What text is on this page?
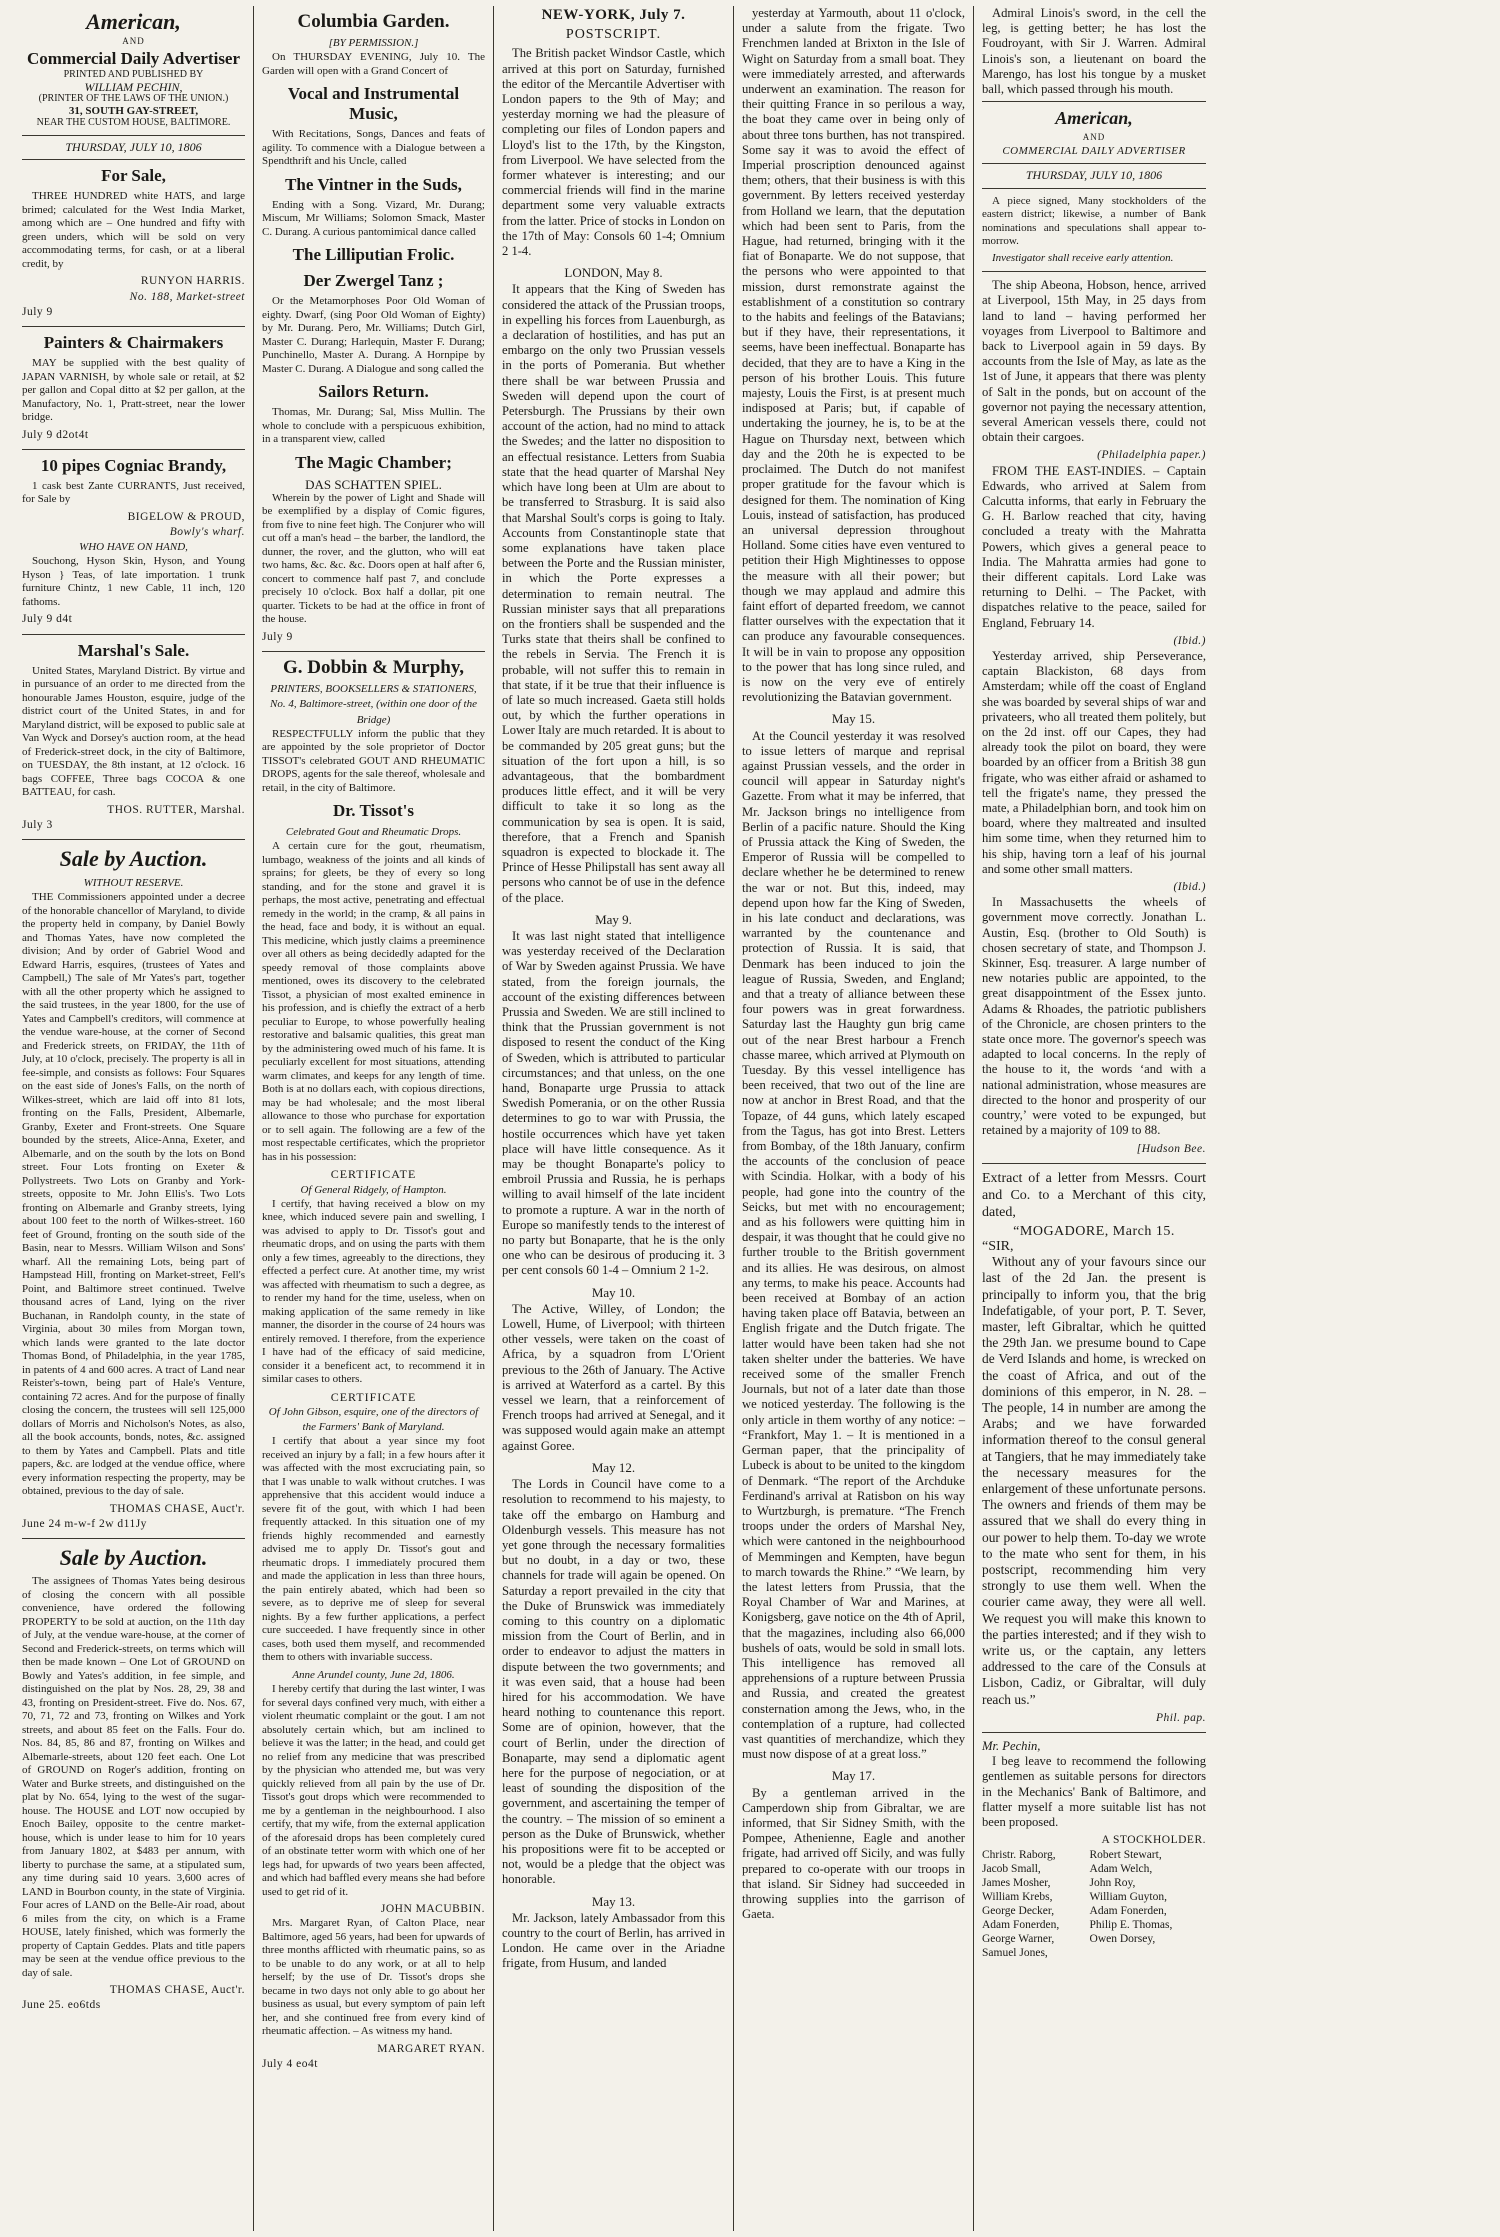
American,
AND
Commercial Daily Advertiser
PRINTED AND PUBLISHED BY
WILLIAM PECHIN,
(PRINTER OF THE LAWS OF THE UNION.)
31, SOUTH GAY-STREET,
NEAR THE CUSTOM HOUSE, BALTIMORE.
THURSDAY, JULY 10, 1806
For Sale,

THREE HUNDRED white HATS, and large brimed; calculated for the West India Market, among which are – One hundred and fifty with green unders, which will be sold on very accommodating terms, for cash, or at a liberal credit, by

RUNYON HARRIS.
No. 188, Market-street
July 9
Painters & Chairmakers

MAY be supplied with the best quality of JAPAN VARNISH, by whole sale or retail, at $2 per gallon and Copal ditto at $2 per gallon, at the Manufactory, No. 1, Pratt-street, near the lower bridge.

July 9 d2ot4t
10 pipes Cogniac Brandy,

1 cask best Zante CURRANTS, Just received, for Sale by

BIGELOW & PROUD,
Bowly's wharf.
WHO HAVE ON HAND,

Souchong, Hyson Skin, Hyson, and Young Hyson } Teas, of late importation. 1 trunk furniture Chintz, 1 new Cable, 11 inch, 120 fathoms.

July 9 d4t
Marshal's Sale.

United States, Maryland District. By virtue and in pursuance of an order to me directed from the honourable James Houston, esquire, judge of the district court of the United States, in and for Maryland district, will be exposed to public sale at Van Wyck and Dorsey's auction room, at the head of Frederick-street dock, in the city of Baltimore, on TUESDAY, the 8th instant, at 12 o'clock. 16 bags COFFEE, Three bags COCOA & one BATTEAU, for cash.

THOS. RUTTER, Marshal.
July 3
Sale by Auction.
WITHOUT RESERVE.

THE Commissioners appointed under a decree of the honorable chancellor of Maryland, to divide the property held in company, by Daniel Bowly and Thomas Yates, have now completed the division; And by order of Gabriel Wood and Edward Harris, esquires, (trustees of Yates and Campbell,) The sale of Mr Yates's part, together with all the other property which he assigned to the said trustees, in the year 1800, for the use of Yates and Campbell's creditors, will commence at the vendue ware-house, at the corner of Second and Frederick streets, on FRIDAY, the 11th of July, at 10 o'clock, precisely. The property is all in fee-simple, and consists as follows: Four Squares on the east side of Jones's Falls, on the north of Wilkes-street, which are laid off into 81 lots, fronting on the Falls, President, Albemarle, Granby, Exeter and Front-streets. One Square bounded by the streets, Alice-Anna, Exeter, and Albemarle, and on the south by the lots on Bond street. Four Lots fronting on Exeter & Pollystreets. Two Lots on Granby and York-streets, opposite to Mr. John Ellis's. Two Lots fronting on Albemarle and Granby streets, lying about 100 feet to the north of Wilkes-street. 160 feet of Ground, fronting on the south side of the Basin, near to Messrs. William Wilson and Sons' wharf. All the remaining Lots, being part of Hampstead Hill, fronting on Market-street, Fell's Point, and Baltimore street continued. Twelve thousand acres of Land, lying on the river Buchanan, in Randolph county, in the state of Virginia, about 30 miles from Morgan town, which lands were granted to the late doctor Thomas Bond, of Philadelphia, in the year 1785, in patents of 4 and 600 acres. A tract of Land near Reister's-town, being part of Hale's Venture, containing 72 acres. And for the purpose of finally closing the concern, the trustees will sell 125,000 dollars of Morris and Nicholson's Notes, as also, all the book accounts, bonds, notes, &c. assigned to them by Yates and Campbell. Plats and title papers, &c. are lodged at the vendue office, where every information respecting the property, may be obtained, previous to the day of sale.

THOMAS CHASE, Auct'r.
June 24 m-w-f 2w d11Jy
Sale by Auction.

The assignees of Thomas Yates being desirous of closing the concern with all possible convenience, have ordered the following PROPERTY to be sold at auction, on the 11th day of July, at the vendue ware-house, at the corner of Second and Frederick-streets, on terms which will then be made known – One Lot of GROUND on Bowly and Yates's addition, in fee simple, and distinguished on the plat by Nos. 28, 29, 38 and 43, fronting on President-street. Five do. Nos. 67, 70, 71, 72 and 73, fronting on Wilkes and York streets, and about 85 feet on the Falls. Four do. Nos. 84, 85, 86 and 87, fronting on Wilkes and Albemarle-streets, about 120 feet each. One Lot of GROUND on Roger's addition, fronting on Water and Burke streets, and distinguished on the plat by No. 654, lying to the west of the sugar-house. The HOUSE and LOT now occupied by Enoch Bailey, opposite to the centre market-house, which is under lease to him for 10 years from January 1802, at $483 per annum, with liberty to purchase the same, at a stipulated sum, any time during said 10 years. 3,600 acres of LAND in Bourbon county, in the state of Virginia. Four acres of LAND on the Belle-Air road, about 6 miles from the city, on which is a Frame HOUSE, lately finished, which was formerly the property of Captain Geddes. Plats and title papers may be seen at the vendue office previous to the day of sale.

THOMAS CHASE, Auct'r.
June 25. eo6tds
Columbia Garden.
[BY PERMISSION.]

On THURSDAY EVENING, July 10. The Garden will open with a Grand Concert of

Vocal and Instrumental Music,

With Recitations, Songs, Dances and feats of agility. To commence with a Dialogue between a Spendthrift and his Uncle, called

The Vintner in the Suds,

Ending with a Song. Vizard, Mr. Durang; Miscum, Mr Williams; Solomon Smack, Master C. Durang. A curious pantomimical dance called

The Lilliputian Frolic.
Der Zwergel Tanz ;

Or the Metamorphoses Poor Old Woman of eighty. Dwarf, (sing Poor Old Woman of Eighty) by Mr. Durang. Pero, Mr. Williams; Dutch Girl, Master C. Durang; Harlequin, Master F. Durang; Punchinello, Master A. Durang. A Hornpipe by Master C. Durang. A Dialogue and song called the

Sailors Return.

Thomas, Mr. Durang; Sal, Miss Mullin. The whole to conclude with a perspicuous exhibition, in a transparent view, called

The Magic Chamber;
DAS SCHATTEN SPIEL.

Wherein by the power of Light and Shade will be exemplified by a display of Comic figures, from five to nine feet high. The Conjurer who will cut off a man's head – the barber, the landlord, the dunner, the rover, and the glutton, who will eat two hams, &c. &c. &c. Doors open at half after 6, concert to commence half past 7, and conclude precisely 10 o'clock. Box half a dollar, pit one quarter. Tickets to be had at the office in front of the house.

July 9
G. Dobbin & Murphy,
PRINTERS, BOOKSELLERS & STATIONERS, No. 4, Baltimore-street, (within one door of the Bridge)

RESPECTFULLY inform the public that they are appointed by the sole proprietor of Doctor TISSOT's celebrated GOUT AND RHEUMATIC DROPS, agents for the sale thereof, wholesale and retail, in the city of Baltimore.

Dr. Tissot's
Celebrated Gout and Rheumatic Drops.

A certain cure for the gout, rheumatism, lumbago, weakness of the joints and all kinds of sprains; for gleets, be they of every so long standing, and for the stone and gravel it is perhaps, the most active, penetrating and effectual remedy in the world; in the cramp, & all pains in the head, face and body, it is without an equal. This medicine, which justly claims a preeminence over all others as being decidedly adapted for the speedy removal of those complaints above mentioned, owes its discovery to the celebrated Tissot, a physician of most exalted eminence in his profession, and is chiefly the extract of a herb peculiar to Europe, to whose powerfully healing restorative and balsamic qualities, this great man by the administering owed much of his fame. It is peculiarly excellent for most situations, attending warm climates, and keeps for any length of time. Both is at no dollars each, with copious directions, may be had wholesale; and the most liberal allowance to those who purchase for exportation or to sell again. The following are a few of the most respectable certificates, which the proprietor has in his possession:

CERTIFICATE
Of General Ridgely, of Hampton.

I certify, that having received a blow on my knee, which induced severe pain and swelling, I was advised to apply to Dr. Tissot's gout and rheumatic drops, and on using the parts with them only a few times, agreeably to the directions, they effected a perfect cure. At another time, my wrist was affected with rheumatism to such a degree, as to render my hand for the time, useless, when on making application of the same remedy in like manner, the disorder in the course of 24 hours was entirely removed. I therefore, from the experience I have had of the efficacy of said medicine, consider it a beneficent act, to recommend it in similar cases to others.

CERTIFICATE
Of John Gibson, esquire, one of the directors of the Farmers' Bank of Maryland.

I certify that about a year since my foot received an injury by a fall; in a few hours after it was affected with the most excruciating pain, so that I was unable to walk without crutches. I was apprehensive that this accident would induce a severe fit of the gout, with which I had been frequently attacked. In this situation one of my friends highly recommended and earnestly advised me to apply Dr. Tissot's gout and rheumatic drops. I immediately procured them and made the application in less than three hours, the pain entirely abated, which had been so severe, as to deprive me of sleep for several nights. By a few further applications, a perfect cure succeeded. I have frequently since in other cases, both used them myself, and recommended them to others with invariable success.

Anne Arundel county, June 2d, 1806.

I hereby certify that during the last winter, I was for several days confined very much, with either a violent rheumatic complaint or the gout. I am not absolutely certain which, but am inclined to believe it was the latter; in the head, and could get no relief from any medicine that was prescribed by the physician who attended me, but was very quickly relieved from all pain by the use of Dr. Tissot's gout drops which were recommended to me by a gentleman in the neighbourhood. I also certify, that my wife, from the external application of the aforesaid drops has been completely cured of an obstinate tetter worm with which one of her legs had, for upwards of two years been affected, and which had baffled every means she had before used to get rid of it.

JOHN MACUBBIN.

Mrs. Margaret Ryan, of Calton Place, near Baltimore, aged 56 years, had been for upwards of three months afflicted with rheumatic pains, so as to be unable to do any work, or at all to help herself; by the use of Dr. Tissot's drops she became in two days not only able to go about her business as usual, but every symptom of pain left her, and she continued free from every kind of rheumatic affection. – As witness my hand.

MARGARET RYAN.
July 4 eo4t
NEW-YORK, July 7.
POSTSCRIPT.

The British packet Windsor Castle, which arrived at this port on Saturday, furnished the editor of the Mercantile Advertiser with London papers to the 9th of May; and yesterday morning we had the pleasure of completing our files of London papers and Lloyd's list to the 17th, by the Kingston, from Liverpool. We have selected from the former whatever is interesting; and our commercial friends will find in the marine department some very valuable extracts from the latter. Price of stocks in London on the 17th of May: Consols 60 1-4; Omnium 2 1-4.

LONDON, May 8.

It appears that the King of Sweden has considered the attack of the Prussian troops, in expelling his forces from Lauenburgh, as a declaration of hostilities, and has put an embargo on the only two Prussian vessels in the ports of Pomerania. But whether there shall be war between Prussia and Sweden will depend upon the court of Petersburgh. The Prussians by their own account of the action, had no mind to attack the Swedes; and the latter no disposition to an effectual resistance. Letters from Suabia state that the head quarter of Marshal Ney which have long been at Ulm are about to be transferred to Strasburg. It is said also that Marshal Soult's corps is going to Italy. Accounts from Constantinople state that some explanations have taken place between the Porte and the Russian minister, in which the Porte expresses a determination to remain neutral. The Russian minister says that all preparations on the frontiers shall be suspended and the Turks state that theirs shall be confined to the rebels in Servia. The French it is probable, will not suffer this to remain in that state, if it be true that their influence is of late so much increased. Gaeta still holds out, by which the further operations in Lower Italy are much retarded. It is about to be commanded by 205 great guns; but the situation of the fort upon a hill, is so advantageous, that the bombardment produces little effect, and it will be very difficult to take it so long as the communication by sea is open. It is said, therefore, that a French and Spanish squadron is expected to blockade it. The Prince of Hesse Philipstall has sent away all persons who cannot be of use in the defence of the place.

May 9.

It was last night stated that intelligence was yesterday received of the Declaration of War by Sweden against Prussia. We have stated, from the foreign journals, the account of the existing differences between Prussia and Sweden. We are still inclined to think that the Prussian government is not disposed to resent the conduct of the King of Sweden, which is attributed to particular circumstances; and that unless, on the one hand, Bonaparte urge Prussia to attack Swedish Pomerania, or on the other Russia determines to go to war with Prussia, the hostile occurrences which have yet taken place will have little consequence. As it may be thought Bonaparte's policy to embroil Prussia and Russia, he is perhaps willing to avail himself of the late incident to promote a rupture. A war in the north of Europe so manifestly tends to the interest of no party but Bonaparte, that he is the only one who can be desirous of producing it. 3 per cent consols 60 1-4 – Omnium 2 1-2.

May 10.

The Active, Willey, of London; the Lowell, Hume, of Liverpool; with thirteen other vessels, were taken on the coast of Africa, by a squadron from L'Orient previous to the 26th of January. The Active is arrived at Waterford as a cartel. By this vessel we learn, that a reinforcement of French troops had arrived at Senegal, and it was supposed would again make an attempt against Goree.

May 12.

The Lords in Council have come to a resolution to recommend to his majesty, to take off the embargo on Hamburg and Oldenburgh vessels. This measure has not yet gone through the necessary formalities but no doubt, in a day or two, these channels for trade will again be opened. On Saturday a report prevailed in the city that the Duke of Brunswick was immediately coming to this country on a diplomatic mission from the Court of Berlin, and in order to endeavor to adjust the matters in dispute between the two governments; and it was even said, that a house had been hired for his accommodation. We have heard nothing to countenance this report. Some are of opinion, however, that the court of Berlin, under the direction of Bonaparte, may send a diplomatic agent here for the purpose of negociation, or at least of sounding the disposition of the government, and ascertaining the temper of the country. – The mission of so eminent a person as the Duke of Brunswick, whether his propositions were fit to be accepted or not, would be a pledge that the object was honorable.

May 13.

Mr. Jackson, lately Ambassador from this country to the court of Berlin, has arrived in London. He came over in the Ariadne frigate, from Husum, and landed

yesterday at Yarmouth, about 11 o'clock, under a salute from the frigate. Two Frenchmen landed at Brixton in the Isle of Wight on Saturday from a small boat. They were immediately arrested, and afterwards underwent an examination. The reason for their quitting France in so perilous a way, the boat they came over in being only of about three tons burthen, has not transpired. Some say it was to avoid the effect of Imperial proscription denounced against them; others, that their business is with this government. By letters received yesterday from Holland we learn, that the deputation which had been sent to Paris, from the Hague, had returned, bringing with it the fiat of Bonaparte. We do not suppose, that the persons who were appointed to that mission, durst remonstrate against the establishment of a constitution so contrary to the habits and feelings of the Batavians; but if they have, their representations, it seems, have been ineffectual. Bonaparte has decided, that they are to have a King in the person of his brother Louis. This future majesty, Louis the First, is at present much indisposed at Paris; but, if capable of undertaking the journey, he is, to be at the Hague on Thursday next, between which day and the 20th he is expected to be proclaimed. The Dutch do not manifest proper gratitude for the favour which is designed for them. The nomination of King Louis, instead of satisfaction, has produced an universal depression throughout Holland. Some cities have even ventured to petition their High Mightinesses to oppose the measure with all their power; but though we may applaud and admire this faint effort of departed freedom, we cannot flatter ourselves with the expectation that it can produce any favourable consequences. It will be in vain to propose any opposition to the power that has long since ruled, and is now on the very eve of entirely revolutionizing the Batavian government.

May 15.

At the Council yesterday it was resolved to issue letters of marque and reprisal against Prussian vessels, and the order in council will appear in Saturday night's Gazette. From what it may be inferred, that Mr. Jackson brings no intelligence from Berlin of a pacific nature. Should the King of Prussia attack the King of Sweden, the Emperor of Russia will be compelled to declare whether he be determined to renew the war or not. But this, indeed, may depend upon how far the King of Sweden, in his late conduct and declarations, was warranted by the countenance and protection of Russia. It is said, that Denmark has been induced to join the league of Russia, Sweden, and England; and that a treaty of alliance between these four powers was in great forwardness. Saturday last the Haughty gun brig came out of the near Brest harbour a French chasse maree, which arrived at Plymouth on Tuesday. By this vessel intelligence has been received, that two out of the line are now at anchor in Brest Road, and that the Topaze, of 44 guns, which lately escaped from the Tagus, has got into Brest. Letters from Bombay, of the 18th January, confirm the accounts of the conclusion of peace with Scindia. Holkar, with a body of his people, had gone into the country of the Seicks, but met with no encouragement; and as his followers were quitting him in despair, it was thought that he could give no further trouble to the British government and its allies. He was desirous, on almost any terms, to make his peace. Accounts had been received at Bombay of an action having taken place off Batavia, between an English frigate and the Dutch frigate. The latter would have been taken had she not taken shelter under the batteries. We have received some of the smaller French Journals, but not of a later date than those we noticed yesterday. The following is the only article in them worthy of any notice: – “Frankfort, May 1. – It is mentioned in a German paper, that the principality of Lubeck is about to be united to the kingdom of Denmark. “The report of the Archduke Ferdinand's arrival at Ratisbon on his way to Wurtzburgh, is premature. “The French troops under the orders of Marshal Ney, which were cantoned in the neighbourhood of Memmingen and Kempten, have begun to march towards the Rhine.” “We learn, by the latest letters from Prussia, that the Royal Chamber of War and Marines, at Konigsberg, gave notice on the 4th of April, that the magazines, including also 66,000 bushels of oats, would be sold in small lots. This intelligence has removed all apprehensions of a rupture between Prussia and Russia, and created the greatest consternation among the Jews, who, in the contemplation of a rupture, had collected vast quantities of merchandize, which they must now dispose of at a great loss.”

May 17.

By a gentleman arrived in the Camperdown ship from Gibraltar, we are informed, that Sir Sidney Smith, with the Pompee, Athenienne, Eagle and another frigate, had arrived off Sicily, and was fully prepared to co-operate with our troops in that island. Sir Sidney had succeeded in throwing supplies into the garrison of Gaeta.

Admiral Linois's sword, in the cell the leg, is getting better; he has lost the Foudroyant, with Sir J. Warren. Admiral Linois's son, a lieutenant on board the Marengo, has lost his tongue by a musket ball, which passed through his mouth.

American,
AND
COMMERCIAL DAILY ADVERTISER
THURSDAY, JULY 10, 1806

A piece signed, Many stockholders of the eastern district; likewise, a number of Bank nominations and speculations shall appear to-morrow.

Investigator shall receive early attention.

The ship Abeona, Hobson, hence, arrived at Liverpool, 15th May, in 25 days from land to land – having performed her voyages from Liverpool to Baltimore and back to Liverpool again in 59 days. By accounts from the Isle of May, as late as the 1st of June, it appears that there was plenty of Salt in the ponds, but on account of the governor not paying the necessary attention, several American vessels there, could not obtain their cargoes.

(Philadelphia paper.)

FROM THE EAST-INDIES. – Captain Edwards, who arrived at Salem from Calcutta informs, that early in February the G. H. Barlow reached that city, having concluded a treaty with the Mahratta Powers, which gives a general peace to India. The Mahratta armies had gone to their different capitals. Lord Lake was returning to Delhi. – The Packet, with dispatches relative to the peace, sailed for England, February 14.

(Ibid.)

Yesterday arrived, ship Perseverance, captain Blackiston, 68 days from Amsterdam; while off the coast of England she was boarded by several ships of war and privateers, who all treated them politely, but on the 2d inst. off our Capes, they had already took the pilot on board, they were boarded by an officer from a British 38 gun frigate, who was either afraid or ashamed to tell the frigate's name, they pressed the mate, a Philadelphian born, and took him on board, where they maltreated and insulted him some time, when they returned him to his ship, having torn a leaf of his journal and some other small matters.

(Ibid.)

In Massachusetts the wheels of government move correctly. Jonathan L. Austin, Esq. (brother to Old South) is chosen secretary of state, and Thompson J. Skinner, Esq. treasurer. A large number of new notaries public are appointed, to the great disappointment of the Essex junto. Adams & Rhoades, the patriotic publishers of the Chronicle, are chosen printers to the state once more. The governor's speech was adapted to local concerns. In the reply of the house to it, the words ‘and with a national administration, whose measures are directed to the honor and prosperity of our country,’ were voted to be expunged, but retained by a majority of 109 to 88.

[Hudson Bee.

Extract of a letter from Messrs. Court and Co. to a Merchant of this city, dated,

“MOGADORE, March 15.
“SIR,

Without any of your favours since our last of the 2d Jan. the present is principally to inform you, that the brig Indefatigable, of your port, P. T. Sever, master, left Gibraltar, which he quitted the 29th Jan. we presume bound to Cape de Verd Islands and home, is wrecked on the coast of Africa, and out of the dominions of this emperor, in N. 28. – The people, 14 in number are among the Arabs; and we have forwarded information thereof to the consul general at Tangiers, that he may immediately take the necessary measures for the enlargement of these unfortunate persons. The owners and friends of them may be assured that we shall do every thing in our power to help them. To-day we wrote to the mate who sent for them, in his postscript, recommending him very strongly to use them well. When the courier came away, they were all well. We request you will make this known to the parties interested; and if they wish to write us, or the captain, any letters addressed to the care of the Consuls at Lisbon, Cadiz, or Gibraltar, will duly reach us.”

Phil. pap.
Mr. Pechin,

I beg leave to recommend the following gentlemen as suitable persons for directors in the Mechanics' Bank of Baltimore, and flatter myself a more suitable list has not been proposed.

A STOCKHOLDER.
Christr. Raborg,	Robert Stewart,Jacob Small,	Adam Welch,James Mosher,	John Roy,William Krebs,	William Guyton,George Decker,	Adam Fonerden,Adam Fonerden,	Philip E. Thomas,George Warner,	Owen Dorsey,Samuel Jones,
